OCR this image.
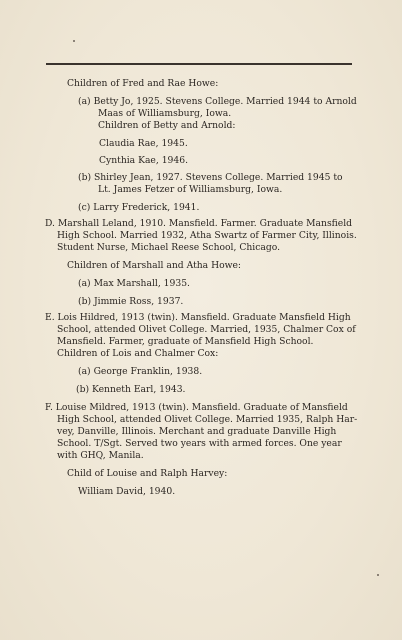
Children of Fred and Rae Howe:
(a) Betty Jo, 1925. Stevens College. Married 1944 to Arnold
Maas of Williamsburg, Iowa.
Children of Betty and Arnold:
Claudia Rae, 1945.
Cynthia Kae, 1946.
(b) Shirley Jean, 1927. Stevens College. Married 1945 to
Lt. James Fetzer of Williamsburg, Iowa.
(c) Larry Frederick, 1941.
D. Marshall Leland, 1910. Mansfield. Farmer. Graduate Mansfield
High School. Married 1932, Atha Swartz of Farmer City, Illinois.
Student Nurse, Michael Reese School, Chicago.
Children of Marshall and Atha Howe:
(a) Max Marshall, 1935.
(b) Jimmie Ross, 1937.
E. Lois Hildred, 1913 (twin). Mansfield. Graduate Mansfield High
School, attended Olivet College. Married, 1935, Chalmer Cox of
Mansfield. Farmer, graduate of Mansfield High School.
Children of Lois and Chalmer Cox:
(a) George Franklin, 1938.
(b) Kenneth Earl, 1943.
F. Louise Mildred, 1913 (twin). Mansfield. Graduate of Mansfield
High School, attended Olivet College. Married 1935, Ralph Har-
vey, Danville, Illinois. Merchant and graduate Danville High
School. T/Sgt. Served two years with armed forces. One year
with GHQ, Manila.
Child of Louise and Ralph Harvey:
William David, 1940.
